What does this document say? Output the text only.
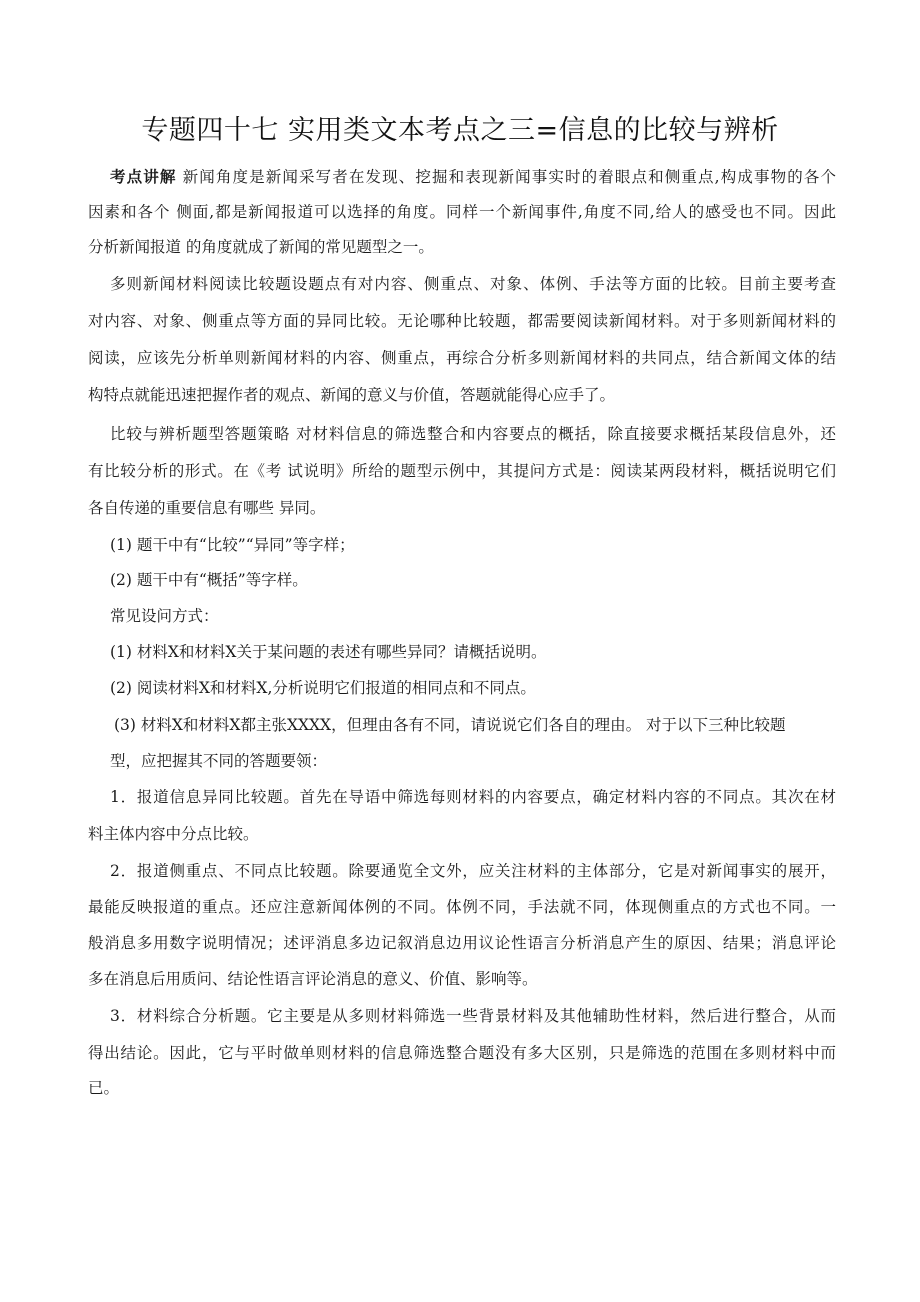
专题四十七 实用类文本考点之三=信息的比较与辨析
考点讲解 新闻角度是新闻采写者在发现、挖掘和表现新闻事实时的着眼点和侧重点,构成事物的各个
因素和各个 侧面,都是新闻报道可以选择的角度。同样一个新闻事件,角度不同,给人的感受也不同。因此
分析新闻报道 的角度就成了新闻的常见题型之一。
多则新闻材料阅读比较题设题点有对内容、侧重点、对象、体例、手法等方面的比较。目前主要考查
对内容、对象、侧重点等方面的异同比较。无论哪种比较题，都需要阅读新闻材料。对于多则新闻材料的
阅读，应该先分析单则新闻材料的内容、侧重点，再综合分析多则新闻材料的共同点，结合新闻文体的结
构特点就能迅速把握作者的观点、新闻的意义与价值，答题就能得心应手了。
比较与辨析题型答题策略 对材料信息的筛选整合和内容要点的概括，除直接要求概括某段信息外，还
有比较分析的形式。在《考 试说明》所给的题型示例中，其提问方式是：阅读某两段材料，概括说明它们
各自传递的重要信息有哪些 异同。
(1) 题干中有“比较”“异同”等字样；
(2) 题干中有“概括”等字样。
常见设问方式：
(1) 材料X和材料X关于某问题的表述有哪些异同？请概括说明。
(2) 阅读材料X和材料X,分析说明它们报道的相同点和不同点。
(3) 材料X和材料X都主张XXXX，但理由各有不同，请说说它们各自的理由。 对于以下三种比较题
型，应把握其不同的答题要领：
1．报道信息异同比较题。首先在导语中筛选每则材料的内容要点，确定材料内容的不同点。其次在材
料主体内容中分点比较。
2．报道侧重点、不同点比较题。除要通览全文外，应关注材料的主体部分，它是对新闻事实的展开，
最能反映报道的重点。还应注意新闻体例的不同。体例不同，手法就不同，体现侧重点的方式也不同。一
般消息多用数字说明情况；述评消息多边记叙消息边用议论性语言分析消息产生的原因、结果；消息评论
多在消息后用质问、结论性语言评论消息的意义、价值、影响等。
3．材料综合分析题。它主要是从多则材料筛选一些背景材料及其他辅助性材料，然后进行整合，从而
得出结论。因此，它与平时做单则材料的信息筛选整合题没有多大区别，只是筛选的范围在多则材料中而
已。
